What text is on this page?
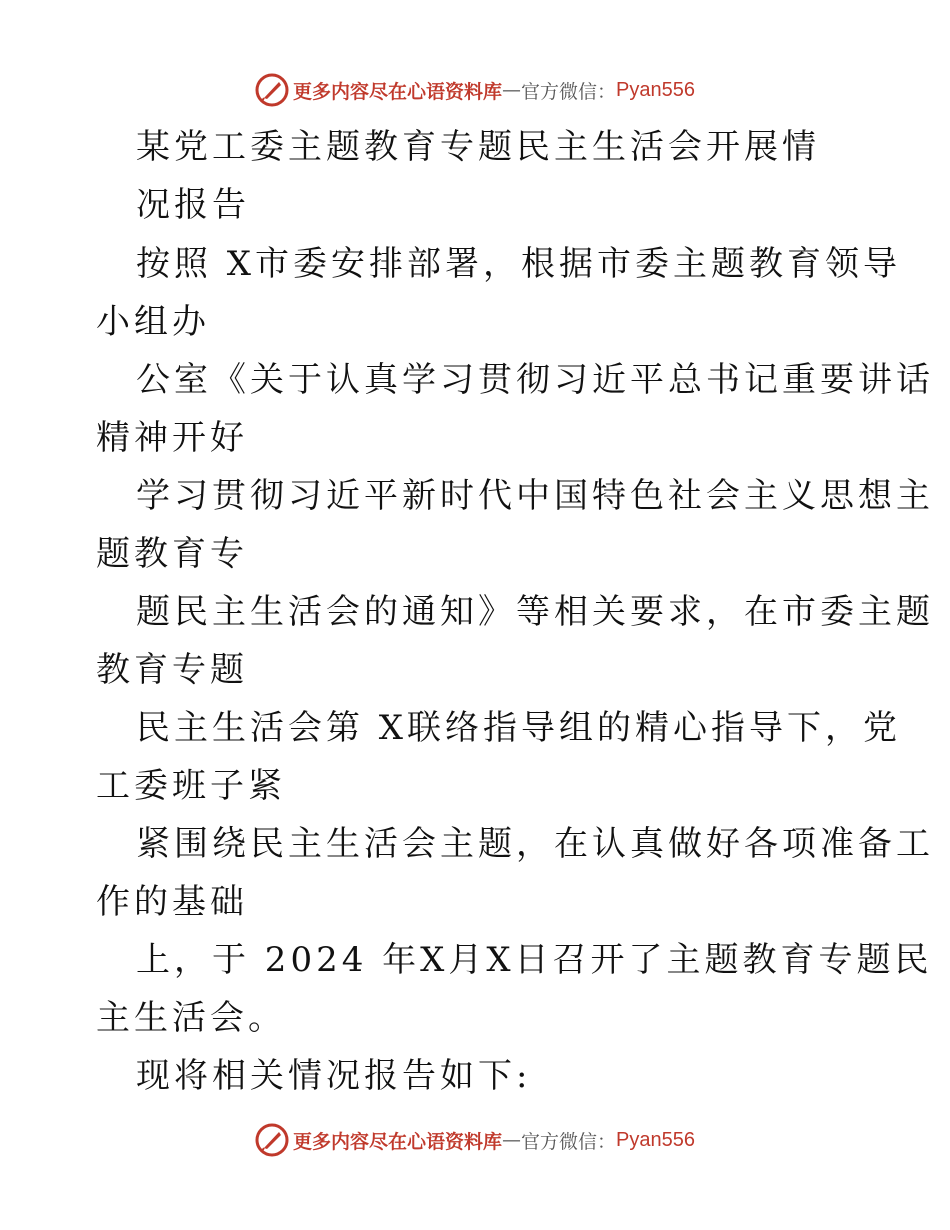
更多内容尽在心语资料库 — 官方微信： Pyan556
某党工委主题教育专题民主生活会开展情
况报告
按照 X市委安排部署，根据市委主题教育领导
小组办
公室《关于认真学习贯彻习近平总书记重要讲话
精神开好
学习贯彻习近平新时代中国特色社会主义思想主
题教育专
题民主生活会的通知》等相关要求，在市委主题
教育专题
民主生活会第 X联络指导组的精心指导下，党
工委班子紧
紧围绕民主生活会主题，在认真做好各项准备工
作的基础
上，于 2024 年X月X日召开了主题教育专题民
主生活会。
现将相关情况报告如下:
更多内容尽在心语资料库 — 官方微信： Pyan556
